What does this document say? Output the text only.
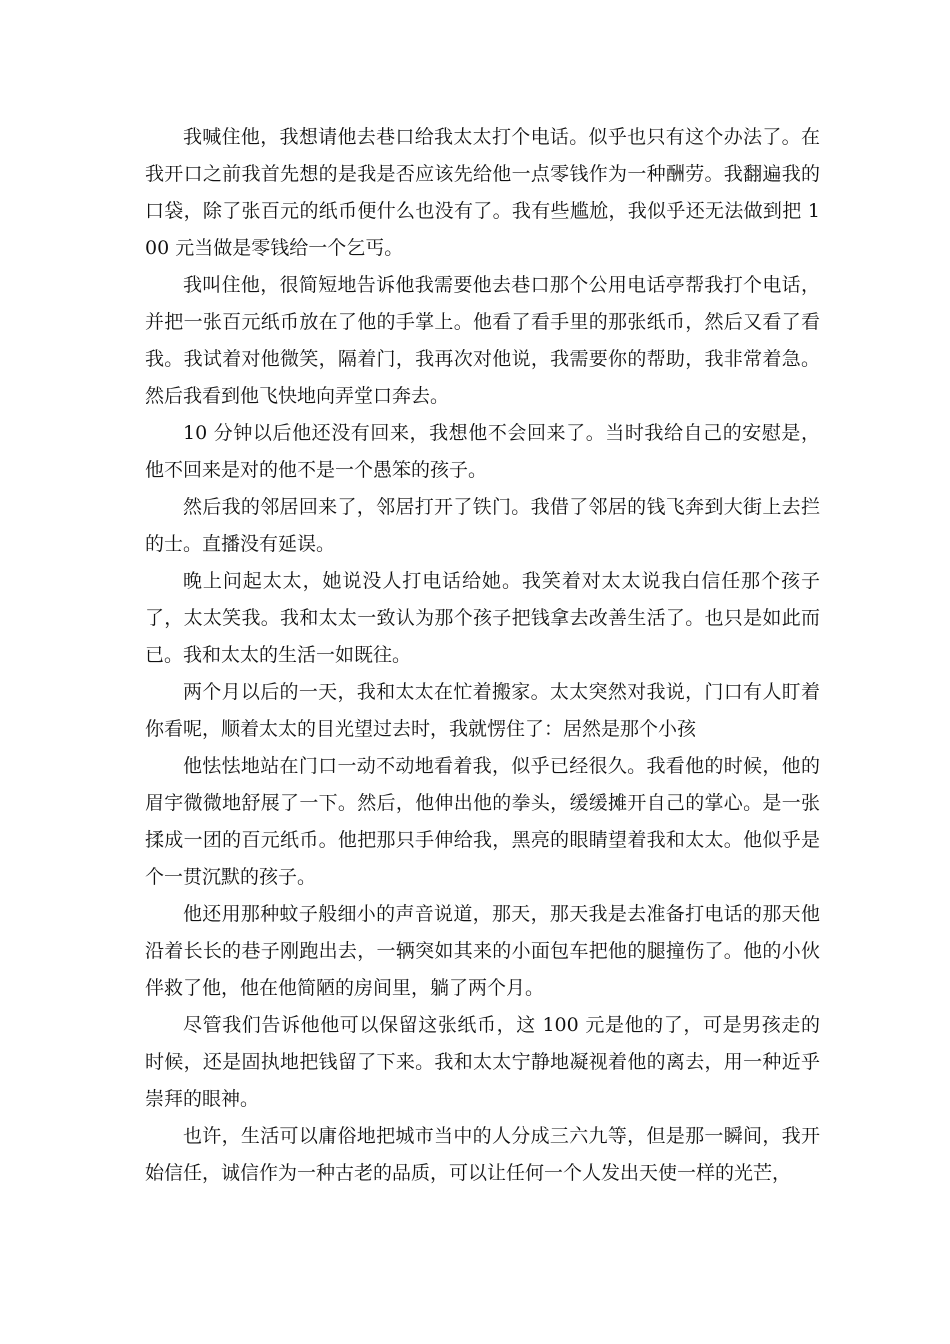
我喊住他，我想请他去巷口给我太太打个电话。似乎也只有这个办法了。在我开口之前我首先想的是我是否应该先给他一点零钱作为一种酬劳。我翻遍我的口袋，除了张百元的纸币便什么也没有了。我有些尴尬，我似乎还无法做到把 100 元当做是零钱给一个乞丐。

我叫住他，很简短地告诉他我需要他去巷口那个公用电话亭帮我打个电话，并把一张百元纸币放在了他的手掌上。他看了看手里的那张纸币，然后又看了看我。我试着对他微笑，隔着门，我再次对他说，我需要你的帮助，我非常着急。然后我看到他飞快地向弄堂口奔去。

10 分钟以后他还没有回来，我想他不会回来了。当时我给自己的安慰是，他不回来是对的他不是一个愚笨的孩子。

然后我的邻居回来了，邻居打开了铁门。我借了邻居的钱飞奔到大街上去拦的士。直播没有延误。

晚上问起太太，她说没人打电话给她。我笑着对太太说我白信任那个孩子了，太太笑我。我和太太一致认为那个孩子把钱拿去改善生活了。也只是如此而已。我和太太的生活一如既往。

两个月以后的一天，我和太太在忙着搬家。太太突然对我说，门口有人盯着你看呢，顺着太太的目光望过去时，我就愣住了：居然是那个小孩

他怯怯地站在门口一动不动地看着我，似乎已经很久。我看他的时候，他的眉宇微微地舒展了一下。然后，他伸出他的拳头，缓缓摊开自己的掌心。是一张揉成一团的百元纸币。他把那只手伸给我，黑亮的眼睛望着我和太太。他似乎是个一贯沉默的孩子。

他还用那种蚊子般细小的声音说道，那天，那天我是去准备打电话的那天他沿着长长的巷子刚跑出去，一辆突如其来的小面包车把他的腿撞伤了。他的小伙伴救了他，他在他简陋的房间里，躺了两个月。

尽管我们告诉他他可以保留这张纸币，这 100 元是他的了，可是男孩走的时候，还是固执地把钱留了下来。我和太太宁静地凝视着他的离去，用一种近乎崇拜的眼神。

也许，生活可以庸俗地把城市当中的人分成三六九等，但是那一瞬间，我开始信任，诚信作为一种古老的品质，可以让任何一个人发出天使一样的光芒，
